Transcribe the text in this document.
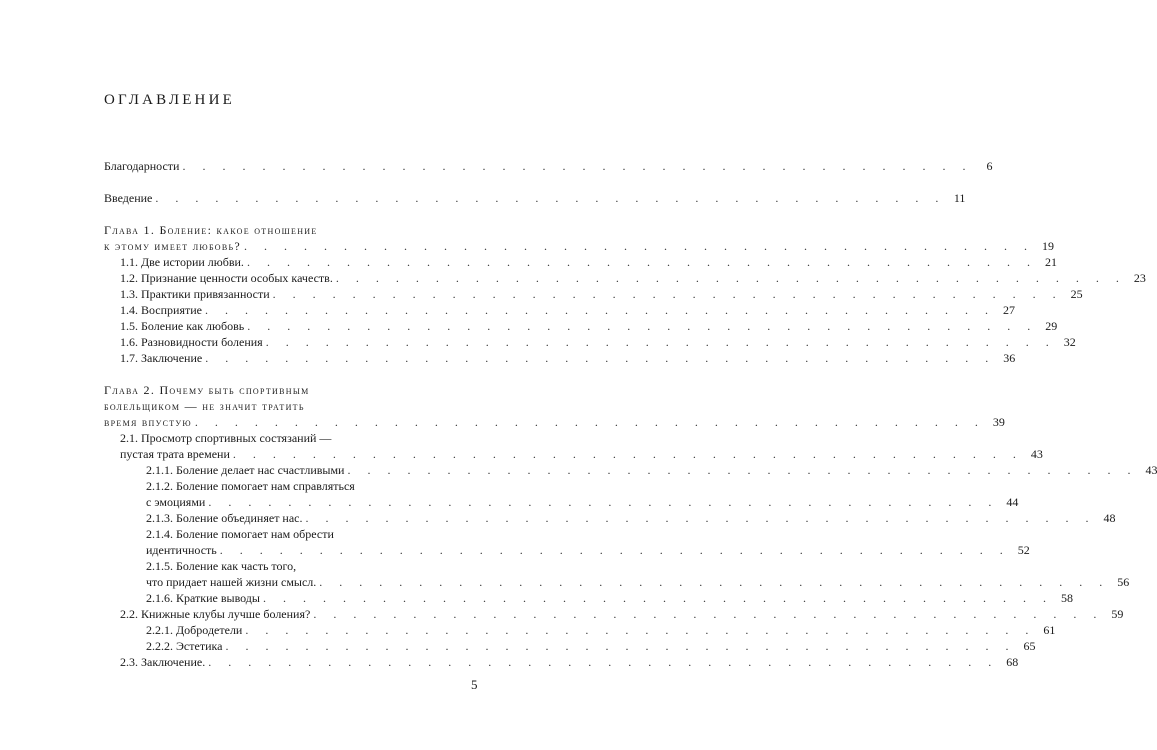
ОГЛАВЛЕНИЕ
Благодарности . . . . . . . . . . . . . . . . . . . . . . . . . . . . . . . . . . . . . . . .	6
Введение . . . . . . . . . . . . . . . . . . . . . . . . . . . . . . . . . . . . . . . . 11
Глава 1. Боление: какое отношение
к этому имеет любовь? . . . . . . . . . . . . . . . . . . . . . . . . . . . . . . . . . . . . . . . . 19
1.1. Две истории любви. . . . . . . . . . . . . . . . . . . . . . . . . . . . . . . . . . . . . . . . . 21
1.2. Признание ценности особых качеств. . . . . . . . . . . . . . . . . . . . . . . . . . . . . . . . . . . . . . . . . 23
1.3. Практики привязанности . . . . . . . . . . . . . . . . . . . . . . . . . . . . . . . . . . . . . . . . 25
1.4. Восприятие . . . . . . . . . . . . . . . . . . . . . . . . . . . . . . . . . . . . . . . . 27
1.5. Боление как любовь . . . . . . . . . . . . . . . . . . . . . . . . . . . . . . . . . . . . . . . . 29
1.6. Разновидности боления . . . . . . . . . . . . . . . . . . . . . . . . . . . . . . . . . . . . . . . . 32
1.7. Заключение . . . . . . . . . . . . . . . . . . . . . . . . . . . . . . . . . . . . . . . . 36
Глава 2. Почему быть спортивным
болельщиком — не значит тратить
время впустую . . . . . . . . . . . . . . . . . . . . . . . . . . . . . . . . . . . . . . . . 39
2.1. Просмотр спортивных состязаний —
пустая трата времени . . . . . . . . . . . . . . . . . . . . . . . . . . . . . . . . . . . . . . . . 43
2.1.1. Боление делает нас счастливыми . . . . . . . . . . . . . . . . . . . . . . . . . . . . . . . . . . . . . . . . 43
2.1.2. Боление помогает нам справляться
с эмоциями . . . . . . . . . . . . . . . . . . . . . . . . . . . . . . . . . . . . . . . . 44
2.1.3. Боление объединяет нас. . . . . . . . . . . . . . . . . . . . . . . . . . . . . . . . . . . . . . . . . 48
2.1.4. Боление помогает нам обрести
идентичность . . . . . . . . . . . . . . . . . . . . . . . . . . . . . . . . . . . . . . . . 52
2.1.5. Боление как часть того,
что придает нашей жизни смысл. . . . . . . . . . . . . . . . . . . . . . . . . . . . . . . . . . . . . . . . . 56
2.1.6. Краткие выводы . . . . . . . . . . . . . . . . . . . . . . . . . . . . . . . . . . . . . . . . 58
2.2. Книжные клубы лучше боления? . . . . . . . . . . . . . . . . . . . . . . . . . . . . . . . . . . . . . . . . 59
2.2.1. Добродетели . . . . . . . . . . . . . . . . . . . . . . . . . . . . . . . . . . . . . . . . 61
2.2.2. Эстетика . . . . . . . . . . . . . . . . . . . . . . . . . . . . . . . . . . . . . . . . 65
2.3. Заключение. . . . . . . . . . . . . . . . . . . . . . . . . . . . . . . . . . . . . . . . . 68
5
